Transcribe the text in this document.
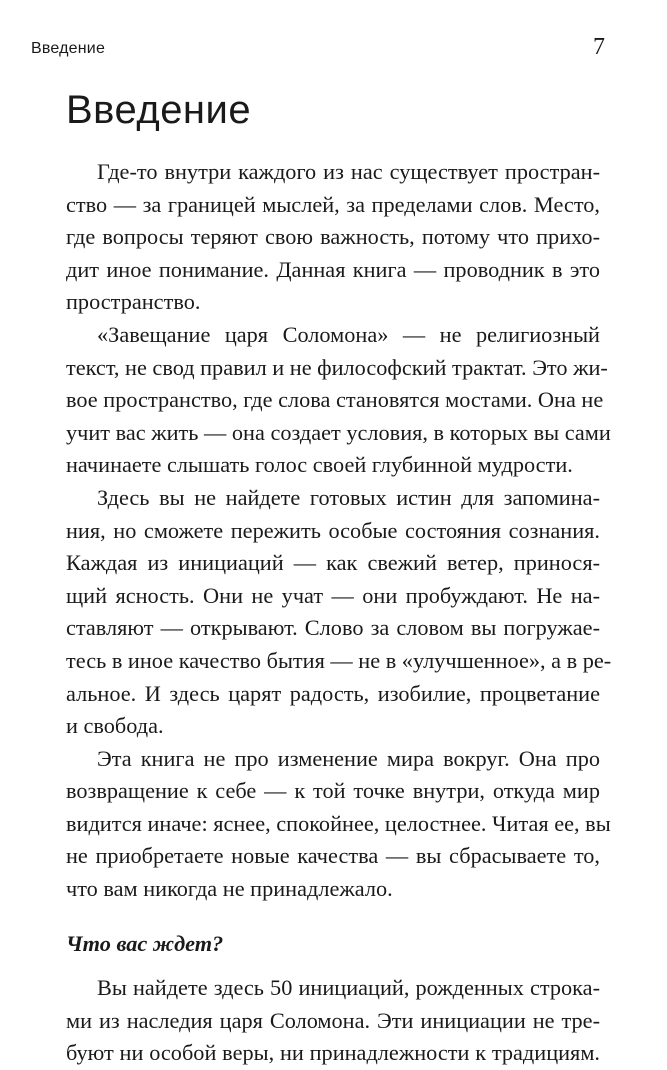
Введение	7
Введение
Где-то внутри каждого из нас существует простран-
ство — за границей мыслей, за пределами слов. Место,
где вопросы теряют свою важность, потому что прихо-
дит иное понимание. Данная книга — проводник в это
пространство.
«Завещание царя Соломона» — не религиозный
текст, не свод правил и не философский трактат. Это жи-
вое пространство, где слова становятся мостами. Она не
учит вас жить — она создает условия, в которых вы сами
начинаете слышать голос своей глубинной мудрости.
Здесь вы не найдете готовых истин для запомина-
ния, но сможете пережить особые состояния сознания.
Каждая из инициаций — как свежий ветер, принося-
щий ясность. Они не учат — они пробуждают. Не на-
ставляют — открывают. Слово за словом вы погружае-
тесь в иное качество бытия — не в «улучшенное», а в ре-
альное. И здесь царят радость, изобилие, процветание
и свобода.
Эта книга не про изменение мира вокруг. Она про
возвращение к себе — к той точке внутри, откуда мир
видится иначе: яснее, спокойнее, целостнее. Читая ее, вы
не приобретаете новые качества — вы сбрасываете то,
что вам никогда не принадлежало.
Что вас ждет?
Вы найдете здесь 50 инициаций, рожденных строка-
ми из наследия царя Соломона. Эти инициации не тре-
буют ни особой веры, ни принадлежности к традициям.
